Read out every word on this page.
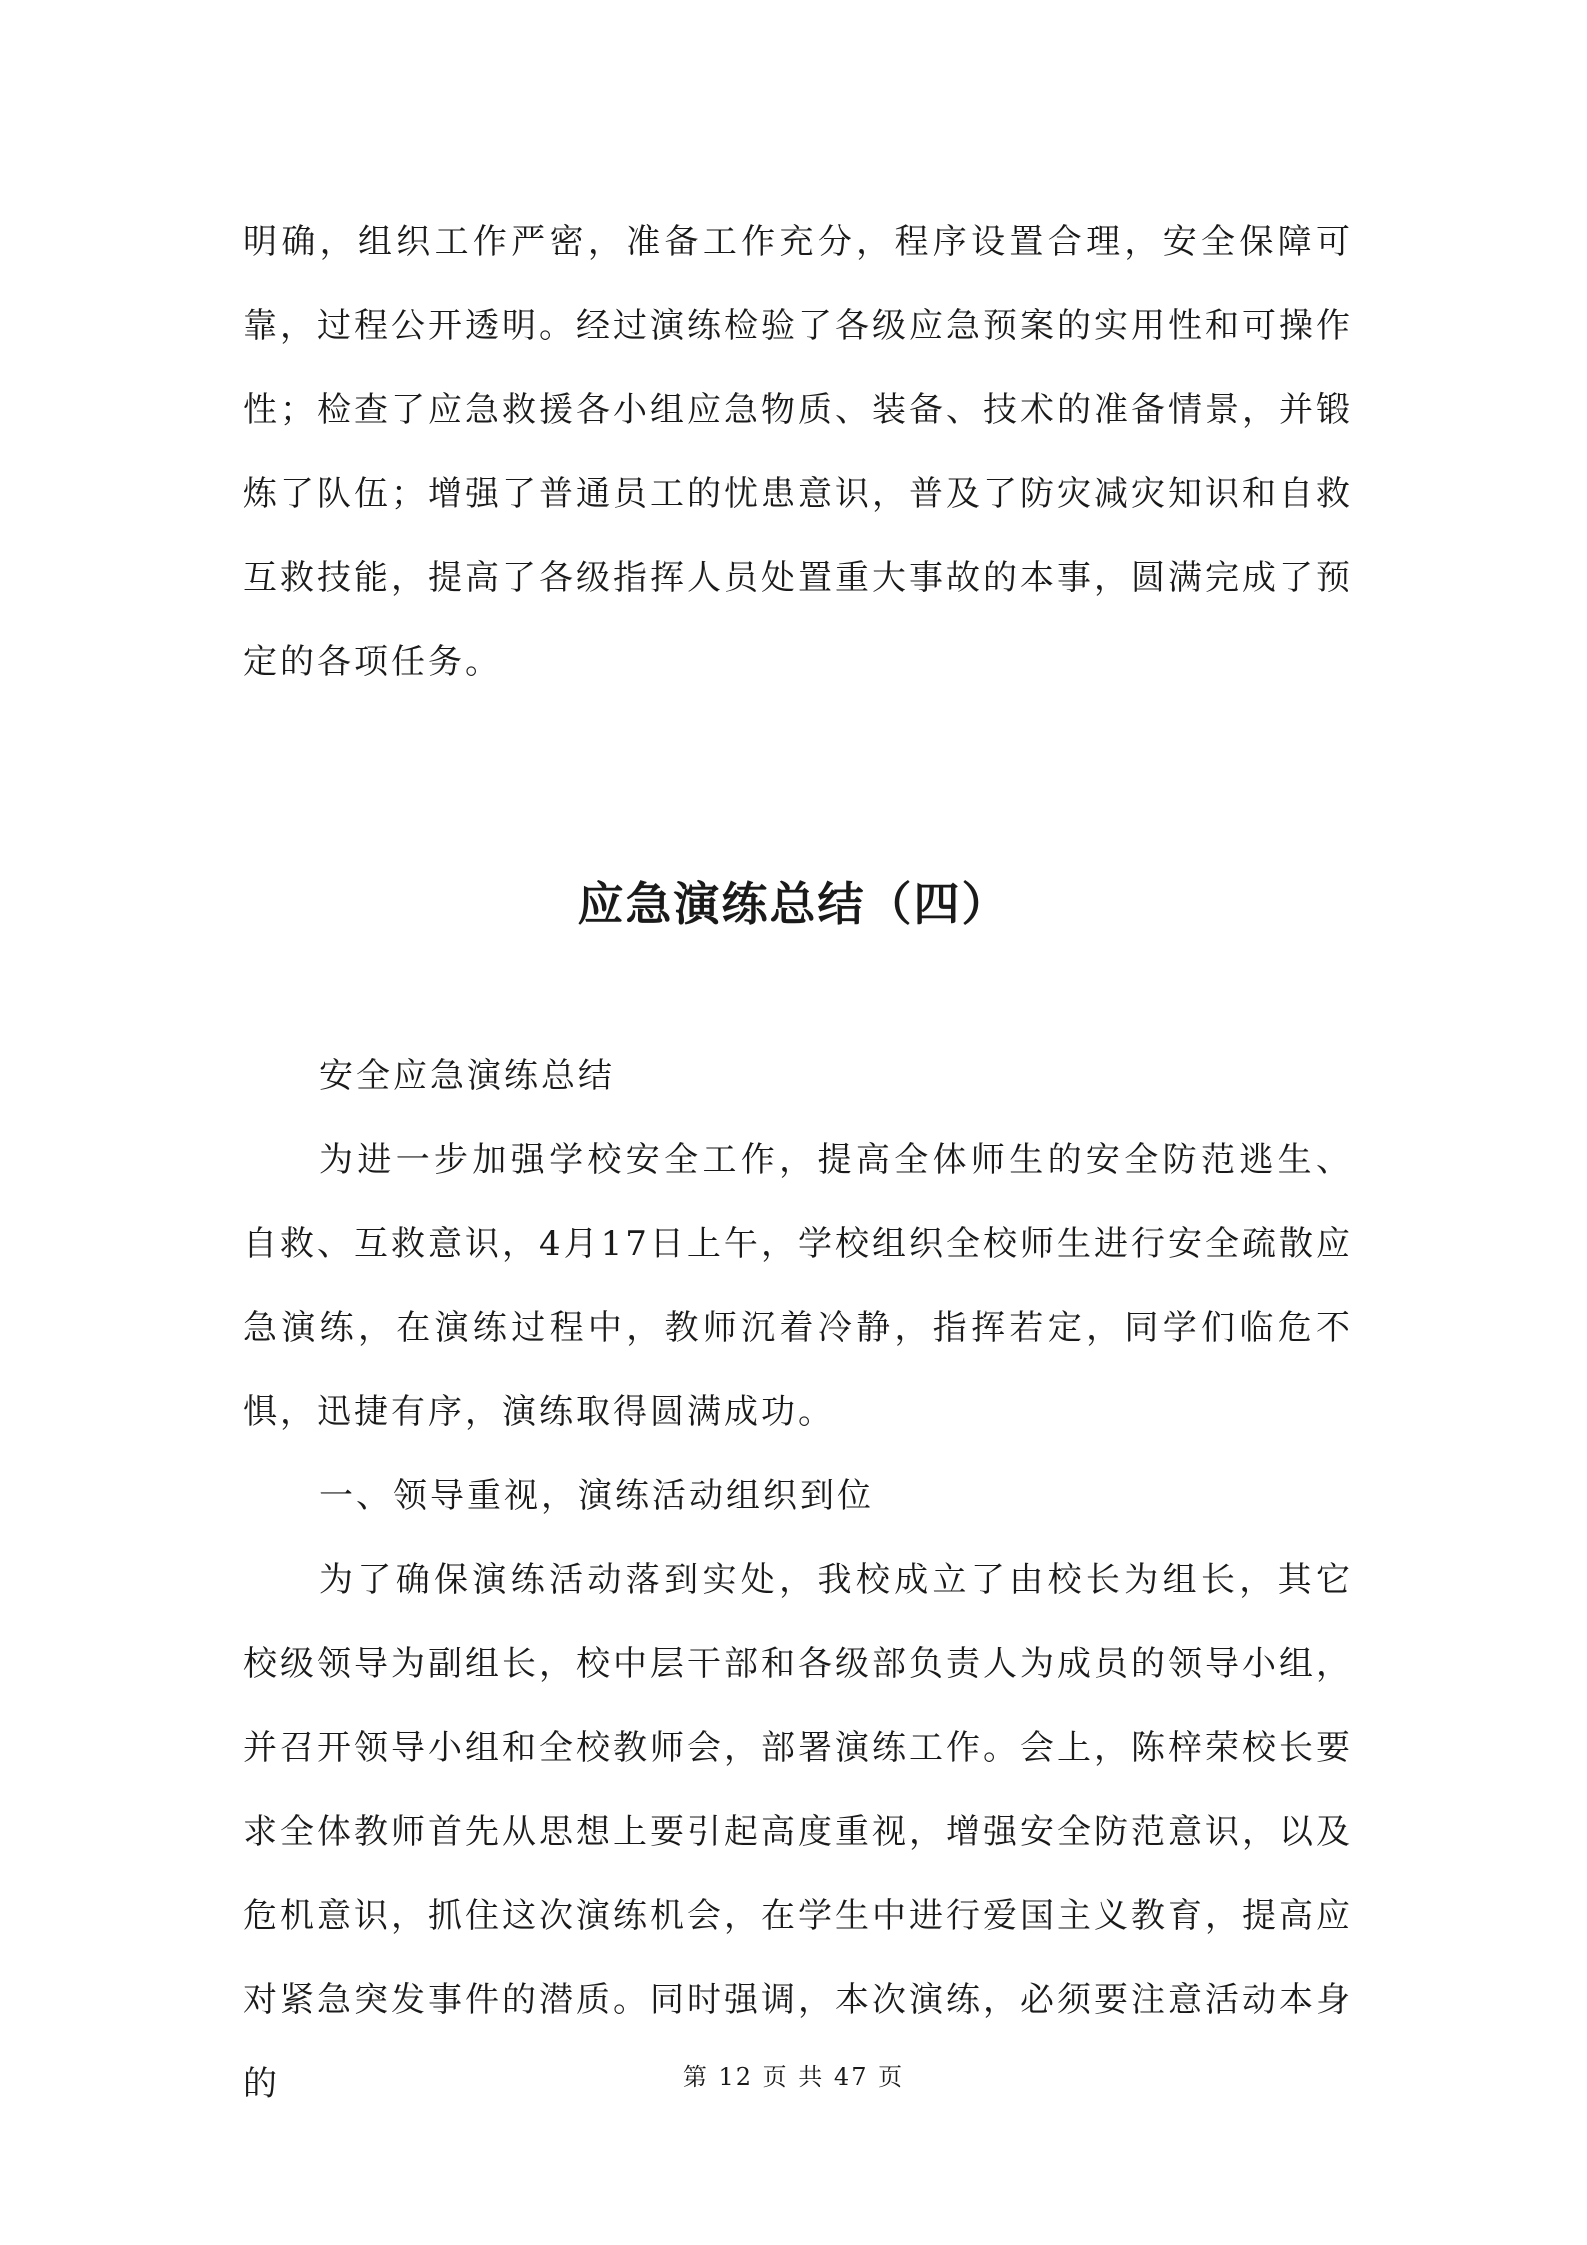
明确，组织工作严密，准备工作充分，程序设置合理，安全保障可靠，过程公开透明。经过演练检验了各级应急预案的实用性和可操作性；检查了应急救援各小组应急物质、装备、技术的准备情景，并锻炼了队伍；增强了普通员工的忧患意识，普及了防灾减灾知识和自救互救技能，提高了各级指挥人员处置重大事故的本事，圆满完成了预定的各项任务。

应急演练总结（四）

安全应急演练总结

为进一步加强学校安全工作，提高全体师生的安全防范逃生、自救、互救意识，4月17日上午，学校组织全校师生进行安全疏散应急演练，在演练过程中，教师沉着冷静，指挥若定，同学们临危不惧，迅捷有序，演练取得圆满成功。

一、领导重视，演练活动组织到位

为了确保演练活动落到实处，我校成立了由校长为组长，其它校级领导为副组长，校中层干部和各级部负责人为成员的领导小组，并召开领导小组和全校教师会，部署演练工作。会上，陈梓荣校长要求全体教师首先从思想上要引起高度重视，增强安全防范意识，以及危机意识，抓住这次演练机会，在学生中进行爱国主义教育，提高应对紧急突发事件的潜质。同时强调，本次演练，必须要注意活动本身的	第 12 页 共 47 页
